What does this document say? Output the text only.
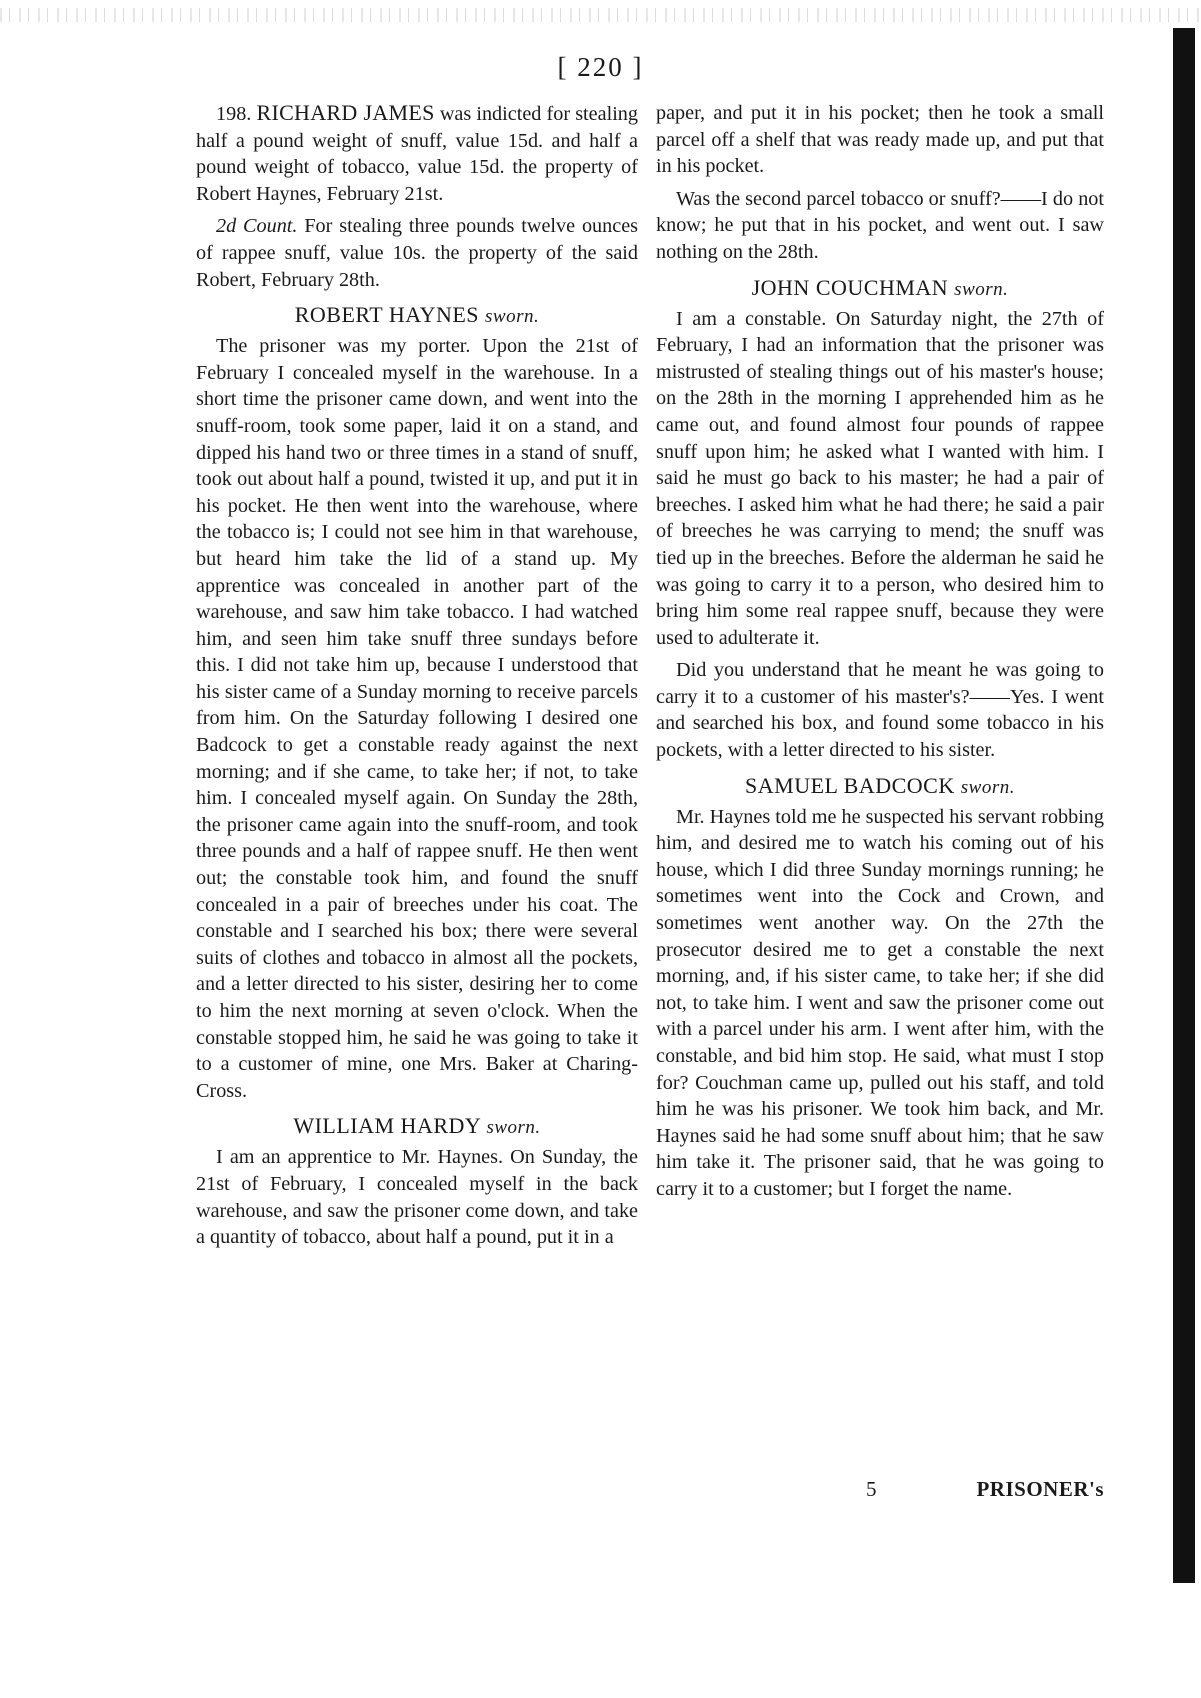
[ 220 ]

198. RICHARD JAMES was indicted for stealing half a pound weight of snuff, value 15d. and half a pound weight of tobacco, value 15d. the property of Robert Haynes, February 21st.

2d Count. For stealing three pounds twelve ounces of rappee snuff, value 10s. the property of the said Robert, February 28th.

ROBERT HAYNES sworn.

The prisoner was my porter. Upon the 21st of February I concealed myself in the warehouse. In a short time the prisoner came down, and went into the snuff-room, took some paper, laid it on a stand, and dipped his hand two or three times in a stand of snuff, took out about half a pound, twisted it up, and put it in his pocket. He then went into the warehouse, where the tobacco is; I could not see him in that warehouse, but heard him take the lid of a stand up. My apprentice was concealed in another part of the warehouse, and saw him take tobacco. I had watched him, and seen him take snuff three sundays before this. I did not take him up, because I understood that his sister came of a Sunday morning to receive parcels from him. On the Saturday following I desired one Badcock to get a constable ready against the next morning; and if she came, to take her; if not, to take him. I concealed myself again. On Sunday the 28th, the prisoner came again into the snuff-room, and took three pounds and a half of rappee snuff. He then went out; the constable took him, and found the snuff concealed in a pair of breeches under his coat. The constable and I searched his box; there were several suits of clothes and tobacco in almost all the pockets, and a letter directed to his sister, desiring her to come to him the next morning at seven o'clock. When the constable stopped him, he said he was going to take it to a customer of mine, one Mrs. Baker at Charing-Cross.

WILLIAM HARDY sworn.

I am an apprentice to Mr. Haynes. On Sunday, the 21st of February, I concealed myself in the back warehouse, and saw the prisoner come down, and take a quantity of tobacco, about half a pound, put it in a

paper, and put it in his pocket; then he took a small parcel off a shelf that was ready made up, and put that in his pocket.

Was the second parcel tobacco or snuff?——I do not know; he put that in his pocket, and went out. I saw nothing on the 28th.

JOHN COUCHMAN sworn.

I am a constable. On Saturday night, the 27th of February, I had an information that the prisoner was mistrusted of stealing things out of his master's house; on the 28th in the morning I apprehended him as he came out, and found almost four pounds of rappee snuff upon him; he asked what I wanted with him. I said he must go back to his master; he had a pair of breeches. I asked him what he had there; he said a pair of breeches he was carrying to mend; the snuff was tied up in the breeches. Before the alderman he said he was going to carry it to a person, who desired him to bring him some real rappee snuff, because they were used to adulterate it.

Did you understand that he meant he was going to carry it to a customer of his master's?——Yes. I went and searched his box, and found some tobacco in his pockets, with a letter directed to his sister.

SAMUEL BADCOCK sworn.

Mr. Haynes told me he suspected his servant robbing him, and desired me to watch his coming out of his house, which I did three Sunday mornings running; he sometimes went into the Cock and Crown, and sometimes went another way. On the 27th the prosecutor desired me to get a constable the next morning, and, if his sister came, to take her; if she did not, to take him. I went and saw the prisoner come out with a parcel under his arm. I went after him, with the constable, and bid him stop. He said, what must I stop for? Couchman came up, pulled out his staff, and told him he was his prisoner. We took him back, and Mr. Haynes said he had some snuff about him; that he saw him take it. The prisoner said, that he was going to carry it to a customer; but I forget the name.

5	PRISONER's
